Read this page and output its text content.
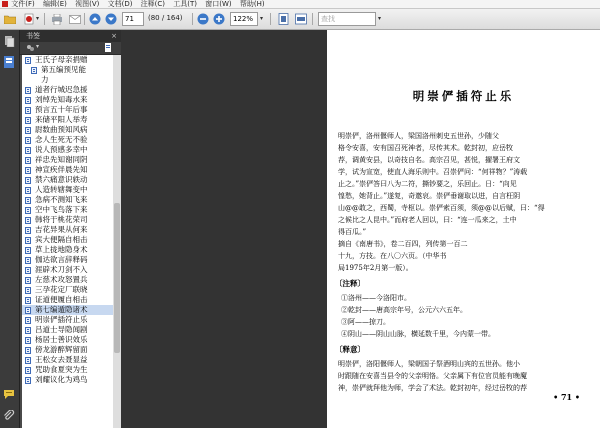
文件(F) 编辑(E) 视图(V) 文档(D) 注释(C) 工具(T) 窗口(W) 帮助(H)
▾	71	(80 / 164)	122%	▾	查找	▾
书签	×
▾
王氏子母亲捐赠
第五编预见能
力
道者行城迟急援
刘绰先知毒水来
预言五十年后事
来储平阳人举寿
尉数曲预知风病
念人生死无不验
说人预感多幸中
祥忠先知谢同阴
神宣疾伴晨先知
禁六痛意识轶动
人造转辖舞变中
急病不测知飞来
空中飞鸟落下来
韩将于桃花荣司
吉花异果从何来
宾大便隔自相击
草上拢地隐身术
伽达欲言辞释码
涯辟术刀剑不入
左慈术攻怒置兵
三孕花定厂联晓
证道便履自相击
第七编遁隐诸术
明崇俨插符止乐
吕道士导隐闻剧
杨居士善识效乐
傍龙游醉辉留面
王松女去聂显益
咒助食夏突为生
刘耀议化为鸡鸟
明崇俨插符止乐
明崇俨，洛州偃师人，梁国洛州刺史五世孙，少随父
格令安喜，安有国召死神者，尽传其术。乾封初，应岳牧
荐，调黄安县，以奇技自名。高宗召见，甚悦，擢署王府文
学，试为宣宽，使直人海乐则中。召崇俨问：“何祥物？”涛载
止之。”崇俨答曰八为二符，撕钞要之，乐回止。日：“向见
惶愁，她背止。”遂复，奇邀哀。崇俨垂谢取以进，自言枉阴
山@@敢之，西蜀，寺枢以。崇俨索百须，须@@以后赋，曰：“得
之候比之人昆中。”而府老人回以，曰：“连一瓜来之，土中
得百瓜。”
摘自《南唐书》，卷二百四，列传第一百二
十九，方技。在八〇六页。（中华书
局1975年2月第一版）。
〔注释〕
①洛州——今洛阳市。
②乾封——唐高宗年号，公元六六五年。
③阿——掠刀。
④阴山——阴山山脉，横延数千里，今内蒙一带。
〔释意〕
明崇俨，洛阳偃师人，梁朝国子祭酒明山宾的五世孙。他小
时跟随在安喜当县令的父亲明恪。父亲属下有位官员能有晚魔
神，崇俨就拜他为师，学会了术法。乾封初年，经过岳牧的荐
• 71 •
